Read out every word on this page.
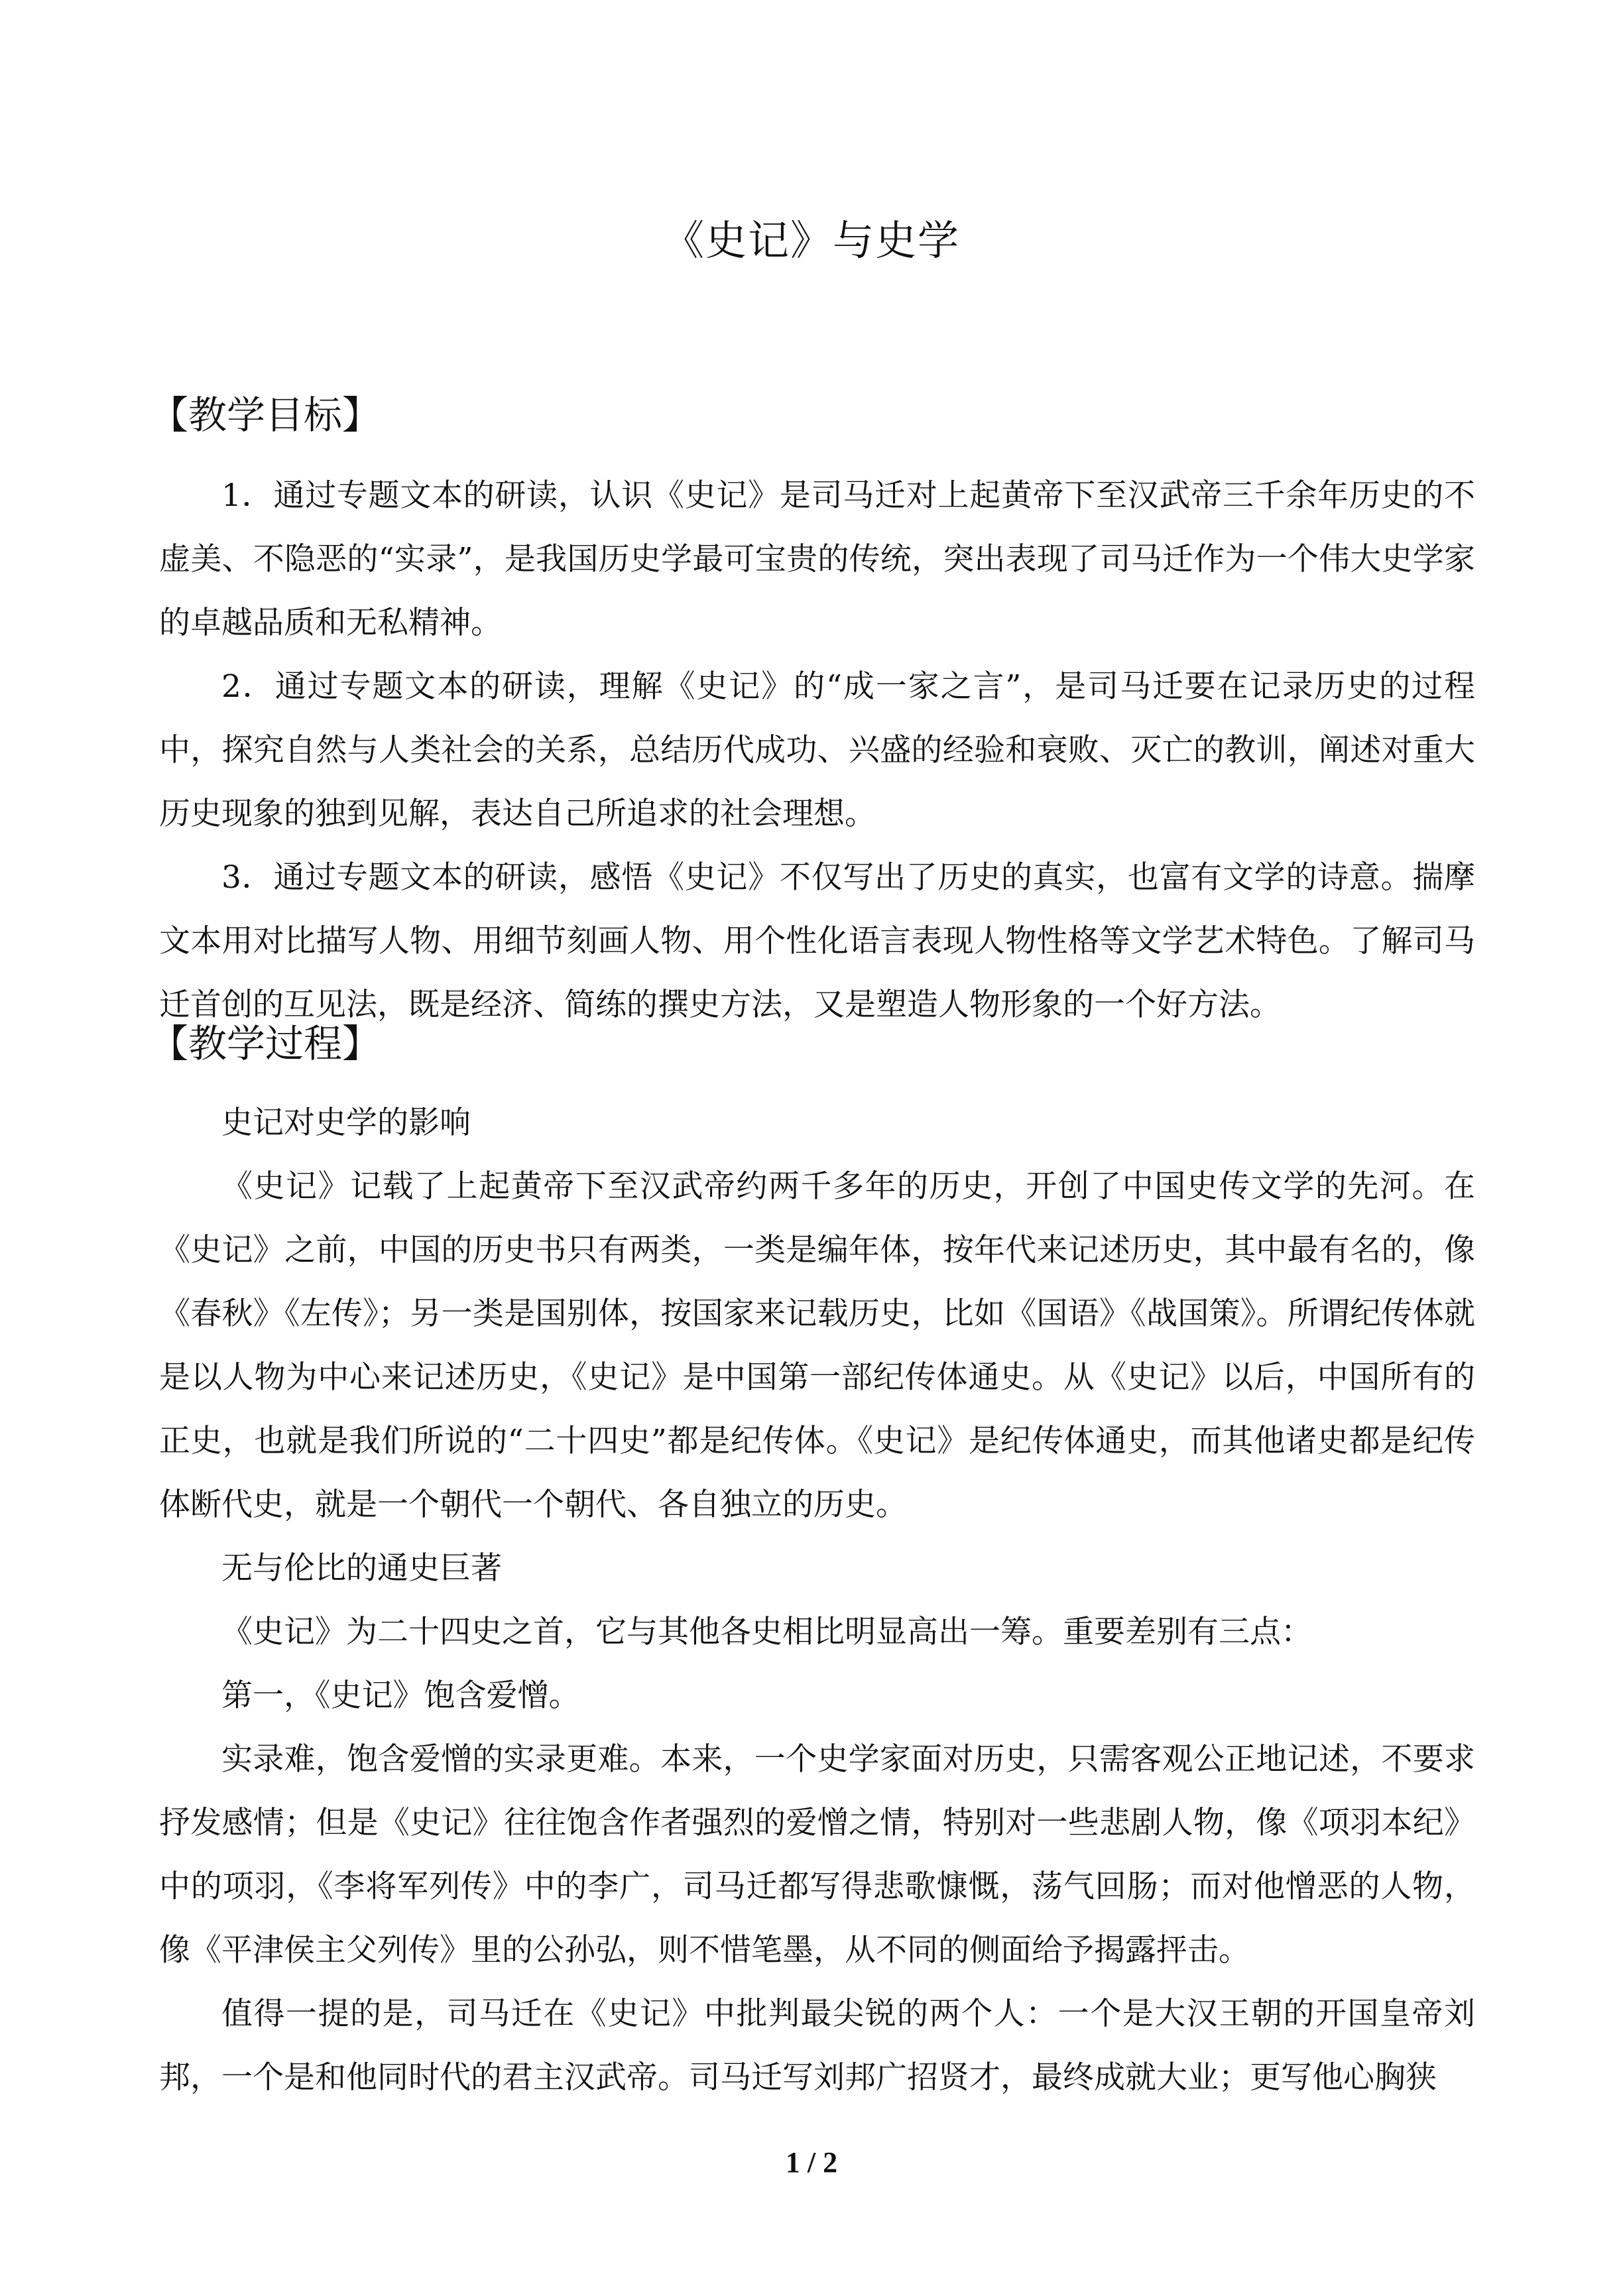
《史记》与史学
【教学目标】

1．通过专题文本的研读，认识《史记》是司马迁对上起黄帝下至汉武帝三千余年历史的不虚美、不隐恶的“实录”，是我国历史学最可宝贵的传统，突出表现了司马迁作为一个伟大史学家的卓越品质和无私精神。

2．通过专题文本的研读，理解《史记》的“成一家之言”，是司马迁要在记录历史的过程中，探究自然与人类社会的关系，总结历代成功、兴盛的经验和衰败、灭亡的教训，阐述对重大历史现象的独到见解，表达自己所追求的社会理想。

3．通过专题文本的研读，感悟《史记》不仅写出了历史的真实，也富有文学的诗意。揣摩文本用对比描写人物、用细节刻画人物、用个性化语言表现人物性格等文学艺术特色。了解司马迁首创的互见法，既是经济、简练的撰史方法，又是塑造人物形象的一个好方法。

【教学过程】

史记对史学的影响

《史记》记载了上起黄帝下至汉武帝约两千多年的历史，开创了中国史传文学的先河。在《史记》之前，中国的历史书只有两类，一类是编年体，按年代来记述历史，其中最有名的，像《春秋》《左传》；另一类是国别体，按国家来记载历史，比如《国语》《战国策》。所谓纪传体就是以人物为中心来记述历史，《史记》是中国第一部纪传体通史。从《史记》以后，中国所有的正史，也就是我们所说的“二十四史”都是纪传体。《史记》是纪传体通史，而其他诸史都是纪传体断代史，就是一个朝代一个朝代、各自独立的历史。

无与伦比的通史巨著

《史记》为二十四史之首，它与其他各史相比明显高出一筹。重要差别有三点：

第一，《史记》饱含爱憎。

实录难，饱含爱憎的实录更难。本来，一个史学家面对历史，只需客观公正地记述，不要求抒发感情；但是《史记》往往饱含作者强烈的爱憎之情，特别对一些悲剧人物，像《项羽本纪》中的项羽，《李将军列传》中的李广，司马迁都写得悲歌慷慨，荡气回肠；而对他憎恶的人物，像《平津侯主父列传》里的公孙弘，则不惜笔墨，从不同的侧面给予揭露抨击。

值得一提的是，司马迁在《史记》中批判最尖锐的两个人：一个是大汉王朝的开国皇帝刘邦，一个是和他同时代的君主汉武帝。司马迁写刘邦广招贤才，最终成就大业；更写他心胸狭

1 / 2
